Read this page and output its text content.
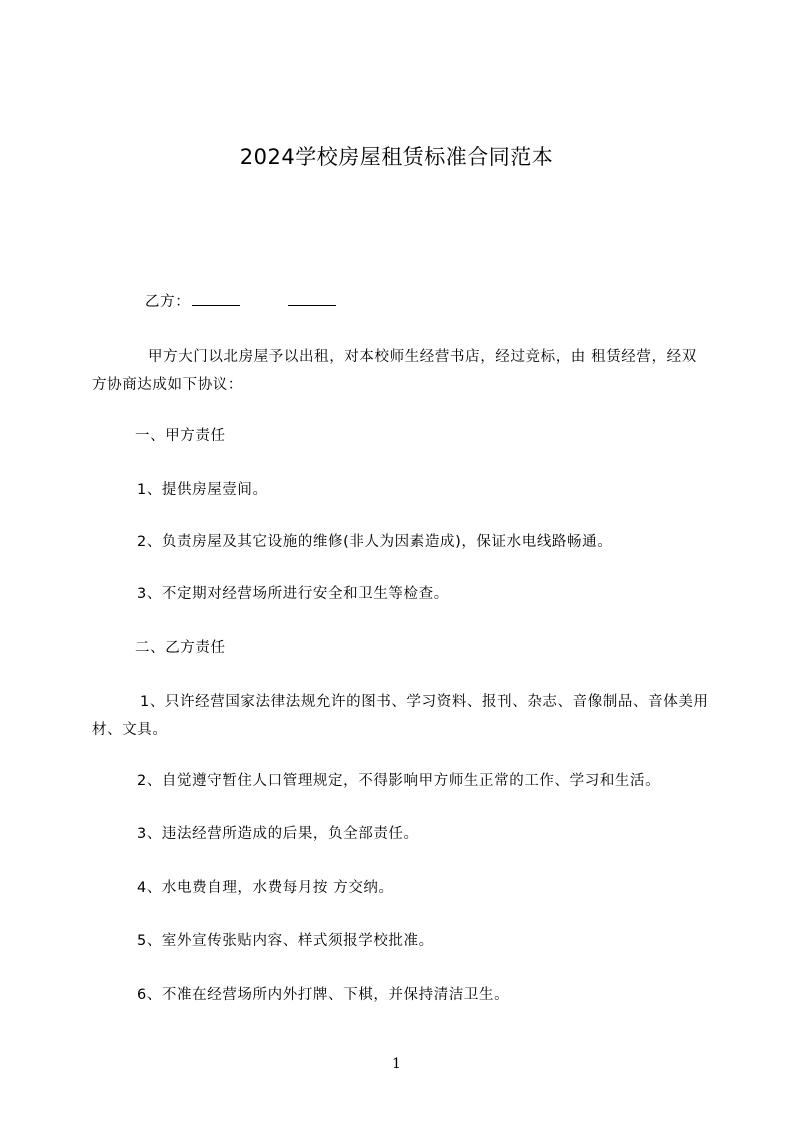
2024学校房屋租赁标准合同范本
乙方：
甲方大门以北房屋予以出租，对本校师生经营书店，经过竞标，由 租赁经营，经双方协商达成如下协议：
一、甲方责任
1、提供房屋壹间。
2、负责房屋及其它设施的维修(非人为因素造成)，保证水电线路畅通。
3、不定期对经营场所进行安全和卫生等检查。
二、乙方责任
1、只许经营国家法律法规允许的图书、学习资料、报刊、杂志、音像制品、音体美用材、文具。
2、自觉遵守暂住人口管理规定，不得影响甲方师生正常的工作、学习和生活。
3、违法经营所造成的后果，负全部责任。
4、水电费自理，水费每月按 方交纳。
5、室外宣传张贴内容、样式须报学校批准。
6、不准在经营场所内外打牌、下棋，并保持清洁卫生。
1
